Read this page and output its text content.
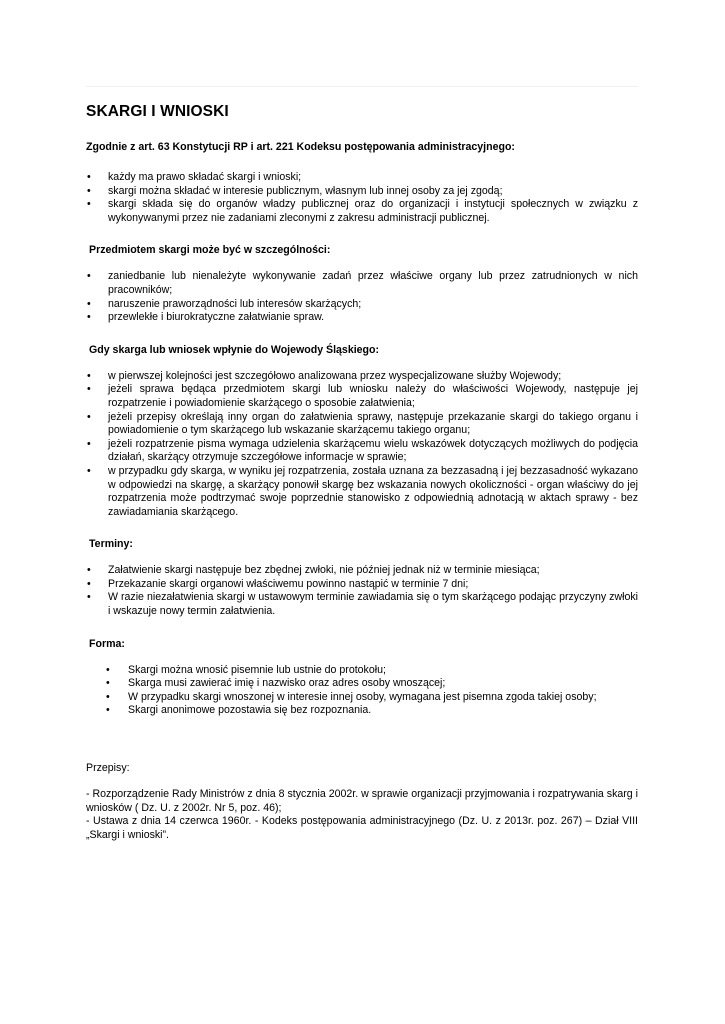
SKARGI I WNIOSKI
Zgodnie z art. 63 Konstytucji RP i art. 221 Kodeksu postępowania administracyjnego:
• każdy ma prawo składać skargi i wnioski;
• skargi można składać w interesie publicznym, własnym lub innej osoby za jej zgodą;
• skargi składa się do organów władzy publicznej oraz do organizacji i instytucji społecznych w związku z wykonywanymi przez nie zadaniami zleconymi z zakresu administracji publicznej.
Przedmiotem skargi może być w szczególności:
• zaniedbanie lub nienależyte wykonywanie zadań przez właściwe organy lub przez zatrudnionych w nich pracowników;
• naruszenie praworządności lub interesów skarżących;
• przewlekłe i biurokratyczne załatwianie spraw.
Gdy skarga lub wniosek wpłynie do Wojewody Śląskiego:
• w pierwszej kolejności jest szczegółowo analizowana przez wyspecjalizowane służby Wojewody;
• jeżeli sprawa będąca przedmiotem skargi lub wniosku należy do właściwości Wojewody, następuje jej rozpatrzenie i powiadomienie skarżącego o sposobie załatwienia;
• jeżeli przepisy określają inny organ do załatwienia sprawy, następuje przekazanie skargi do takiego organu i powiadomienie o tym skarżącego lub wskazanie skarżącemu takiego organu;
• jeżeli rozpatrzenie pisma wymaga udzielenia skarżącemu wielu wskazówek dotyczących możliwych do podjęcia działań, skarżący otrzymuje szczegółowe informacje w sprawie;
• w przypadku gdy skarga, w wyniku jej rozpatrzenia, została uznana za bezzasadną i jej bezzasadność wykazano w odpowiedzi na skargę, a skarżący ponowił skargę bez wskazania nowych okoliczności - organ właściwy do jej rozpatrzenia może podtrzymać swoje poprzednie stanowisko z odpowiednią adnotacją w aktach sprawy - bez zawiadamiania skarżącego.
Terminy:
• Załatwienie skargi następuje bez zbędnej zwłoki, nie później jednak niż w terminie miesiąca;
• Przekazanie skargi organowi właściwemu powinno nastąpić w terminie 7 dni;
• W razie niezałatwienia skargi w ustawowym terminie zawiadamia się o tym skarżącego podając przyczyny zwłoki i wskazuje nowy termin załatwienia.
Forma:
• Skargi można wnosić pisemnie lub ustnie do protokołu;
• Skarga musi zawierać imię i nazwisko oraz adres osoby wnoszącej;
• W przypadku skargi wnoszonej w interesie innej osoby, wymagana jest pisemna zgoda takiej osoby;
• Skargi anonimowe pozostawia się bez rozpoznania.
Przepisy:

- Rozporządzenie Rady Ministrów z dnia 8 stycznia 2002r. w sprawie organizacji przyjmowania i rozpatrywania skarg i wniosków ( Dz. U. z 2002r. Nr 5, poz. 46);

- Ustawa z dnia 14 czerwca 1960r. - Kodeks postępowania administracyjnego (Dz. U. z 2013r. poz. 267) – Dział VIII „Skargi i wnioski”.
